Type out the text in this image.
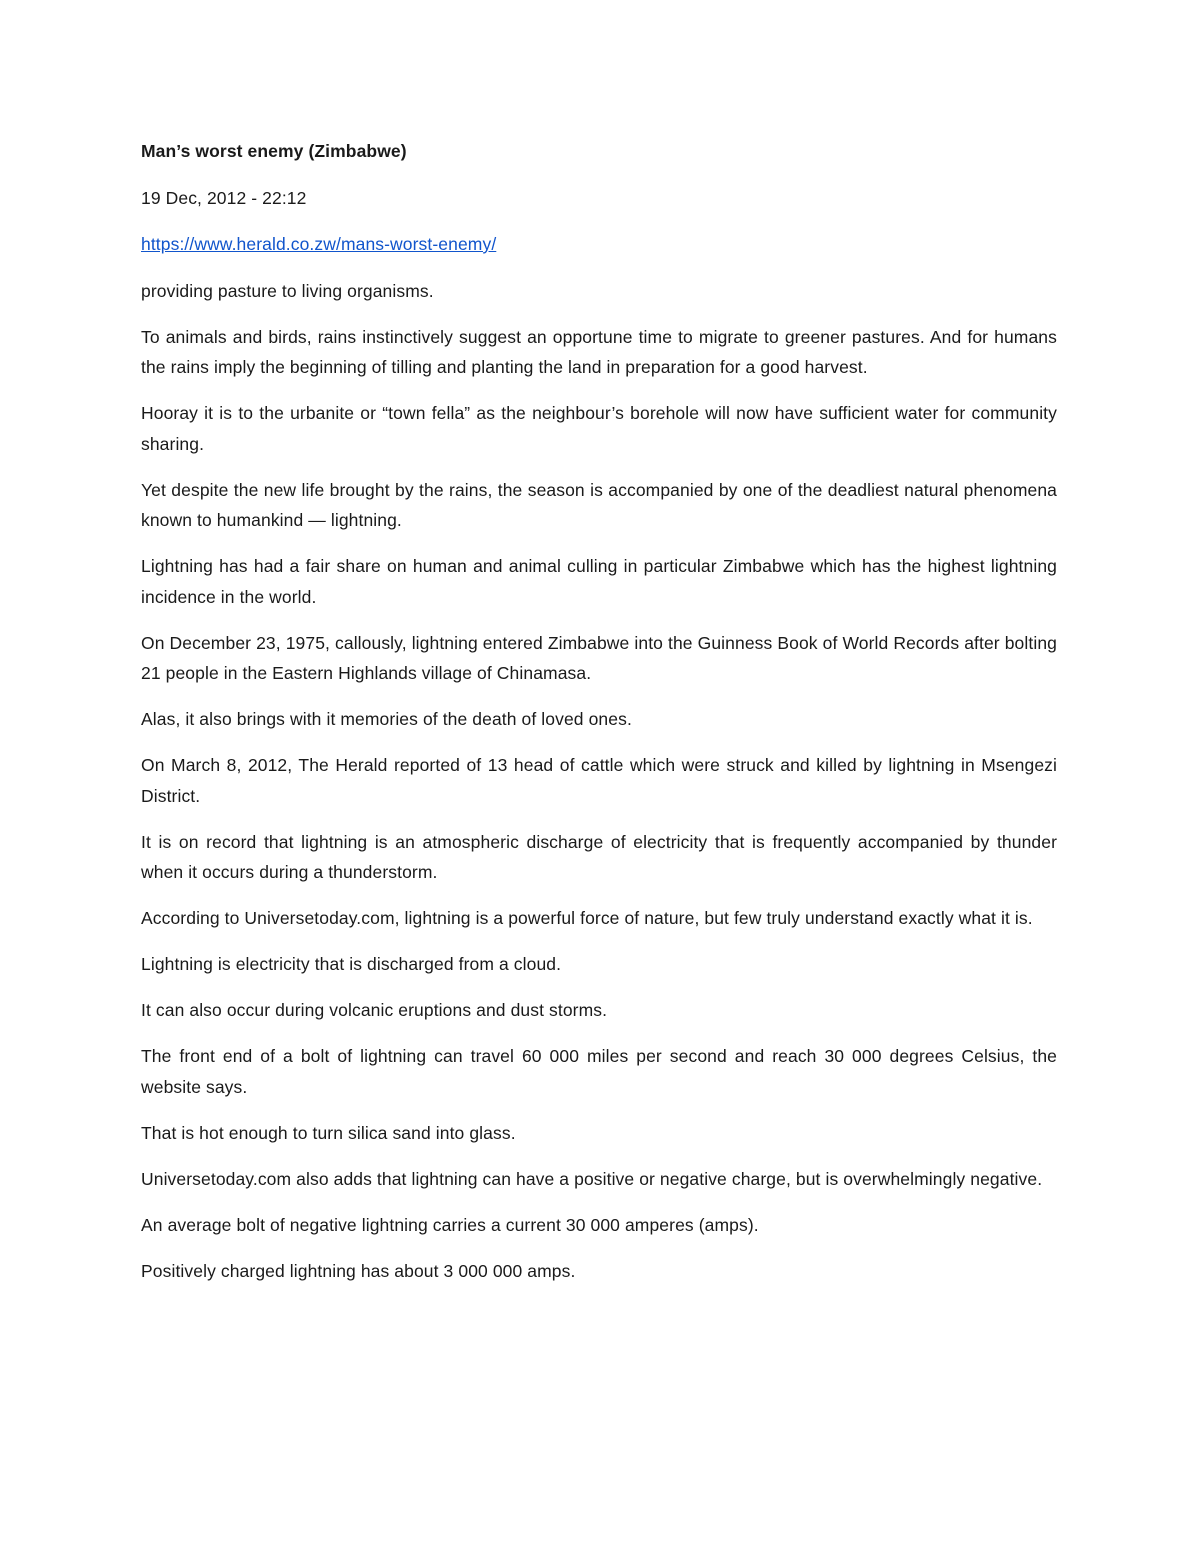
Man’s worst enemy (Zimbabwe)

19 Dec, 2012 - 22:12

https://www.herald.co.zw/mans-worst-enemy/

providing pasture to living organisms.

To animals and birds, rains instinctively suggest an opportune time to migrate to greener pastures. And for humans the rains imply the beginning of tilling and planting the land in preparation for a good harvest.

Hooray it is to the urbanite or “town fella” as the neighbour’s borehole will now have sufficient water for community sharing.

Yet despite the new life brought by the rains, the season is accompanied by one of the deadliest natural phenomena known to humankind — lightning.

Lightning has had a fair share on human and animal culling in particular Zimbabwe which has the highest lightning incidence in the world.

On December 23, 1975, callously, lightning entered Zimbabwe into the Guinness Book of World Records after bolting 21 people in the Eastern Highlands village of Chinamasa.

Alas, it also brings with it memories of the death of loved ones.

On March 8, 2012, The Herald reported of 13 head of cattle which were struck and killed by lightning in Msengezi District.

It is on record that lightning is an atmospheric discharge of electricity that is frequently accompanied by thunder when it occurs during a thunderstorm.

According to Universetoday.com, lightning is a powerful force of nature, but few truly understand exactly what it is.

Lightning is electricity that is discharged from a cloud.

It can also occur during volcanic eruptions and dust storms.

The front end of a bolt of lightning can travel 60 000 miles per second and reach 30 000 degrees Celsius, the website says.

That is hot enough to turn silica sand into glass.

Universetoday.com also adds that lightning can have a positive or negative charge, but is overwhelmingly negative.

An average bolt of negative lightning carries a current 30 000 amperes (amps).

Positively charged lightning has about 3 000 000 amps.
